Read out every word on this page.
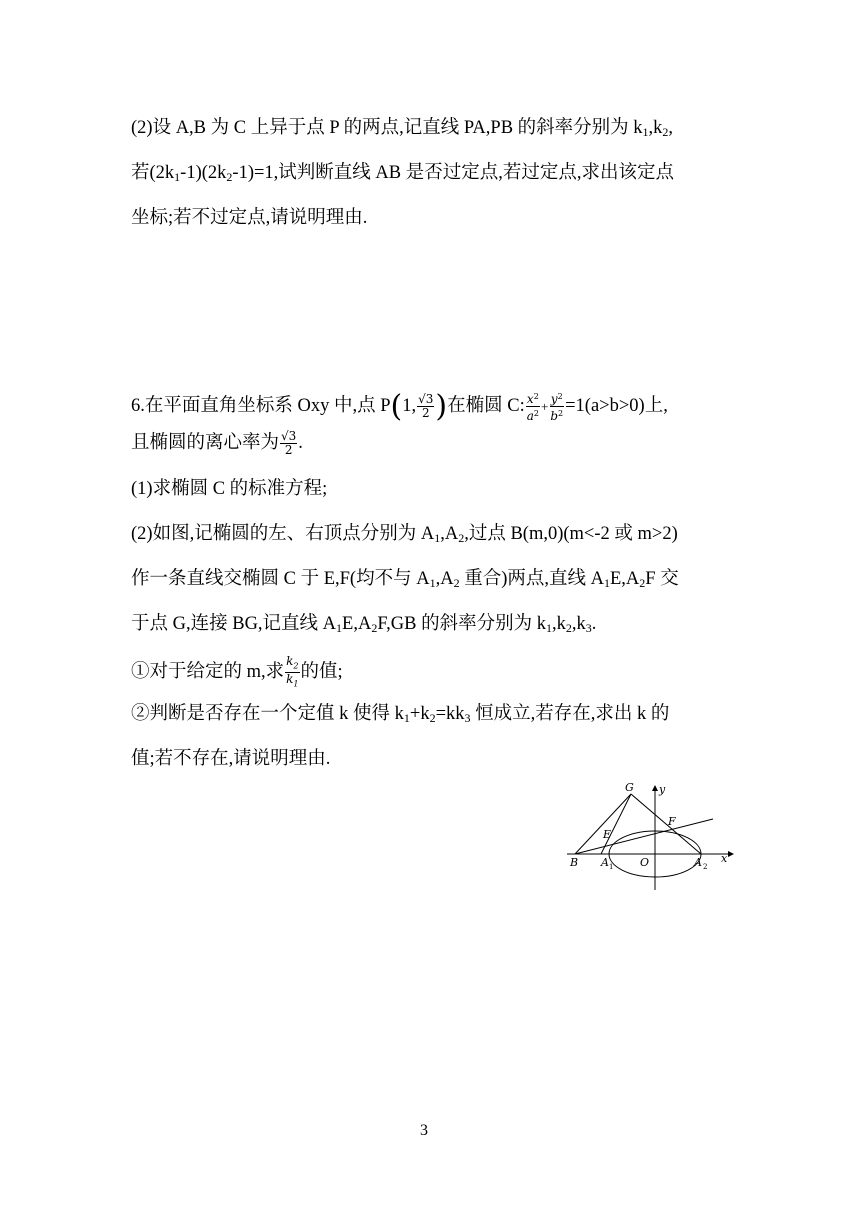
(2)设 A,B 为 C 上异于点 P 的两点,记直线 PA,PB 的斜率分别为 $k_1,k_2$,
若$(2k_1-1)(2k_2-1)=1$,试判断直线 AB 是否过定点,若过定点,求出该定点
坐标;若不过定点,请说明理由.
6.在平面直角坐标系 Oxy 中,点 P(1, $\frac{√3}{2}$ )在椭圆 C: $\frac{x^2}{a^2} + \frac{y^2}{b^2} =1(a>b>0)$上,
且椭圆的离心率为 $\frac{√3}{2}$ .
(1)求椭圆 C 的标准方程;
(2)如图,记椭圆的左、右顶点分别为 $A_1,A_2$,过点 B(m,0)(m<-2 或 m>2)
作一条直线交椭圆 C 于 E,F(均不与 $A_1,A_2$ 重合)两点,直线 $A_1E,A_2F$ 交
于点 G,连接 BG,记直线 $A_1E,A_2F,GB$ 的斜率分别为 $k_1,k_2,k_3$.
①对于给定的 m,求 $\frac{k_2}{k_1}$ 的值;
②判断是否存在一个定值 k 使得 $k_1+k_2=kk_3$ 恒成立,若存在,求出 k 的
值;若不存在,请说明理由.
G y
E
F
B A 1 O	A 2
x
3
